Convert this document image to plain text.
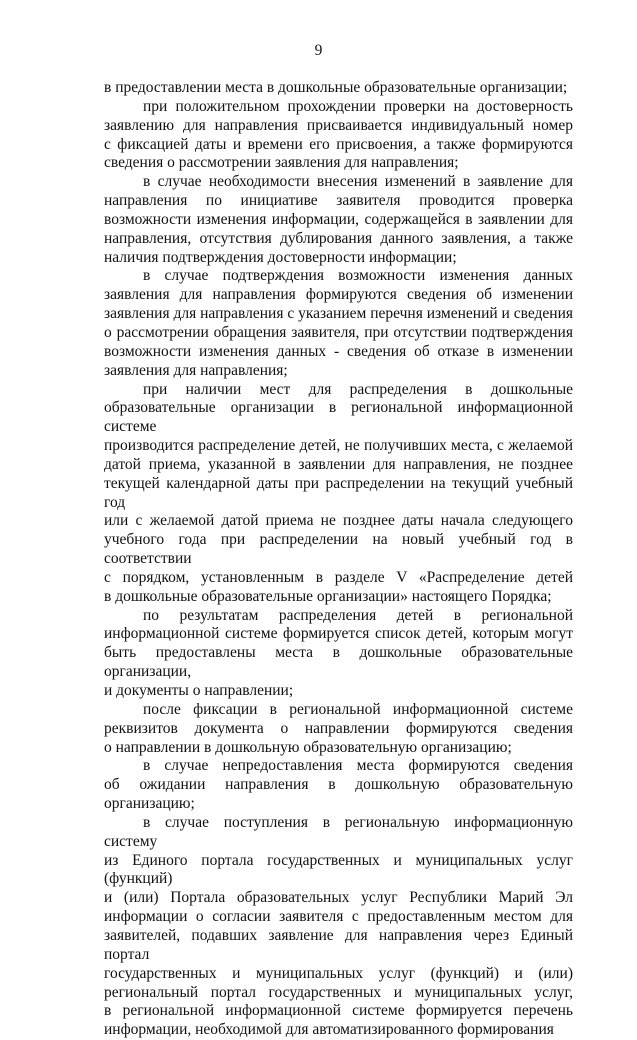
9

в предоставлении места в дошкольные образовательные организации;

при положительном прохождении проверки на достоверность
заявлению для направления присваивается индивидуальный номер
с фиксацией даты и времени его присвоения, а также формируются
сведения о рассмотрении заявления для направления;

в случае необходимости внесения изменений в заявление для
направления по инициативе заявителя проводится проверка
возможности изменения информации, содержащейся в заявлении для
направления, отсутствия дублирования данного заявления, а также
наличия подтверждения достоверности информации;

в случае подтверждения возможности изменения данных
заявления для направления формируются сведения об изменении
заявления для направления с указанием перечня изменений и сведения
о рассмотрении обращения заявителя, при отсутствии подтверждения
возможности изменения данных - сведения об отказе в изменении
заявления для направления;

при наличии мест для распределения в дошкольные
образовательные организации в региональной информационной системе
производится распределение детей, не получивших места, с желаемой
датой приема, указанной в заявлении для направления, не позднее
текущей календарной даты при распределении на текущий учебный год
или с желаемой датой приема не позднее даты начала следующего
учебного года при распределении на новый учебный год в соответствии
с порядком, установленным в разделе V «Распределение детей
в дошкольные образовательные организации» настоящего Порядка;

по результатам распределения детей в региональной
информационной системе формируется список детей, которым могут
быть предоставлены места в дошкольные образовательные организации,
и документы о направлении;

после фиксации в региональной информационной системе
реквизитов документа о направлении формируются сведения
о направлении в дошкольную образовательную организацию;

в случае непредоставления места формируются сведения
об ожидании направления в дошкольную образовательную
организацию;

в случае поступления в региональную информационную систему
из Единого портала государственных и муниципальных услуг (функций)
и (или) Портала образовательных услуг Республики Марий Эл
информации о согласии заявителя с предоставленным местом для
заявителей, подавших заявление для направления через Единый портал
государственных и муниципальных услуг (функций) и (или)
региональный портал государственных и муниципальных услуг,
в региональной информационной системе формируется перечень
информации, необходимой для автоматизированного формирования
